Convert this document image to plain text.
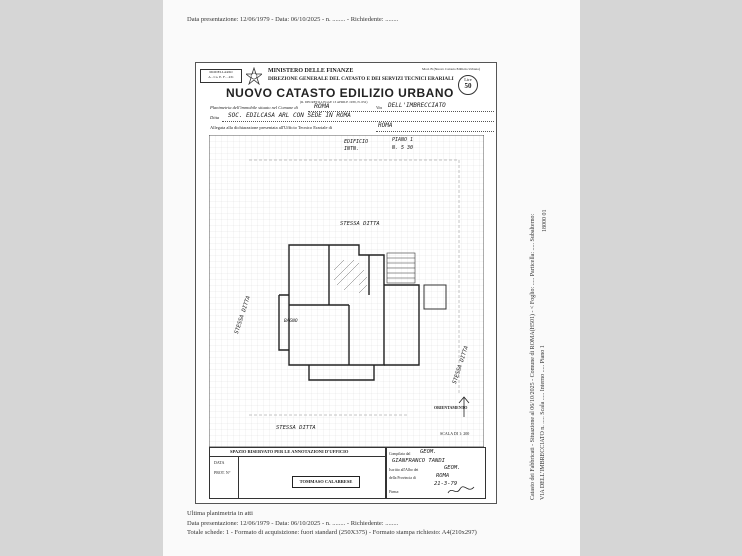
Data presentazione: 12/06/1979 - Data: 06/10/2025 - n. ........ - Richiedente: ........
MODELLARIO
A - Ca. E. F. - 431
MINISTERO DELLE FINANZE
DIREZIONE GENERALE DEL CATASTO E DEI SERVIZI TECNICI ERARIALI
Mod. B (Nuovo Catasto Edilizio Urbano)
NUOVO CATASTO EDILIZIO URBANO
(R. DECRETO-LEGGE 13 APRILE 1939, N. 652)
Lire
50
Planimetria dell'immobile situato nel Comune di ROMA	Via DELL'IMBRECCIATO
Ditta SOC. EDILCASA ARL CON SEDE IN ROMA
Allegata alla dichiarazione presentata all'Ufficio Tecnico Erariale di	ROMA
EDIFICIO	PIANO 1
INTN.	N. 5 30
STESSA DITTA
STESSA DITTA
STESSA DITTA
STESSA DITTA
BAGNO
ORIENTAMENTO
SCALA DI 1: 200
SPAZIO RISERVATO PER LE ANNOTAZIONI D'UFFICIO
DATA
PROT. N°
TOMMASO CALABRESE
Compilata dal GEOM.
GIANFRANCO TANDI
Iscritto all'Albo dei	GEOM.
della Provincia di	ROMA
21-3-79
Firma:
Ultima planimetria in atti
Data presentazione: 12/06/1979 - Data: 06/10/2025 - n. ........ - Richiedente: ........
Totale schede: 1 - Formato di acquisizione: fuori standard (250X375) - Formato stampa richiesto: A4(210x297)
Catasto dei Fabbricati - Situazione al 06/10/2025 - Comune di ROMA(H501) - < Foglio: ..... Particella: ..... Subalterno: VIA DELL'IMBRECCIATO n. ..... Scala ..... Interno ..... Piano 1
18000 01
